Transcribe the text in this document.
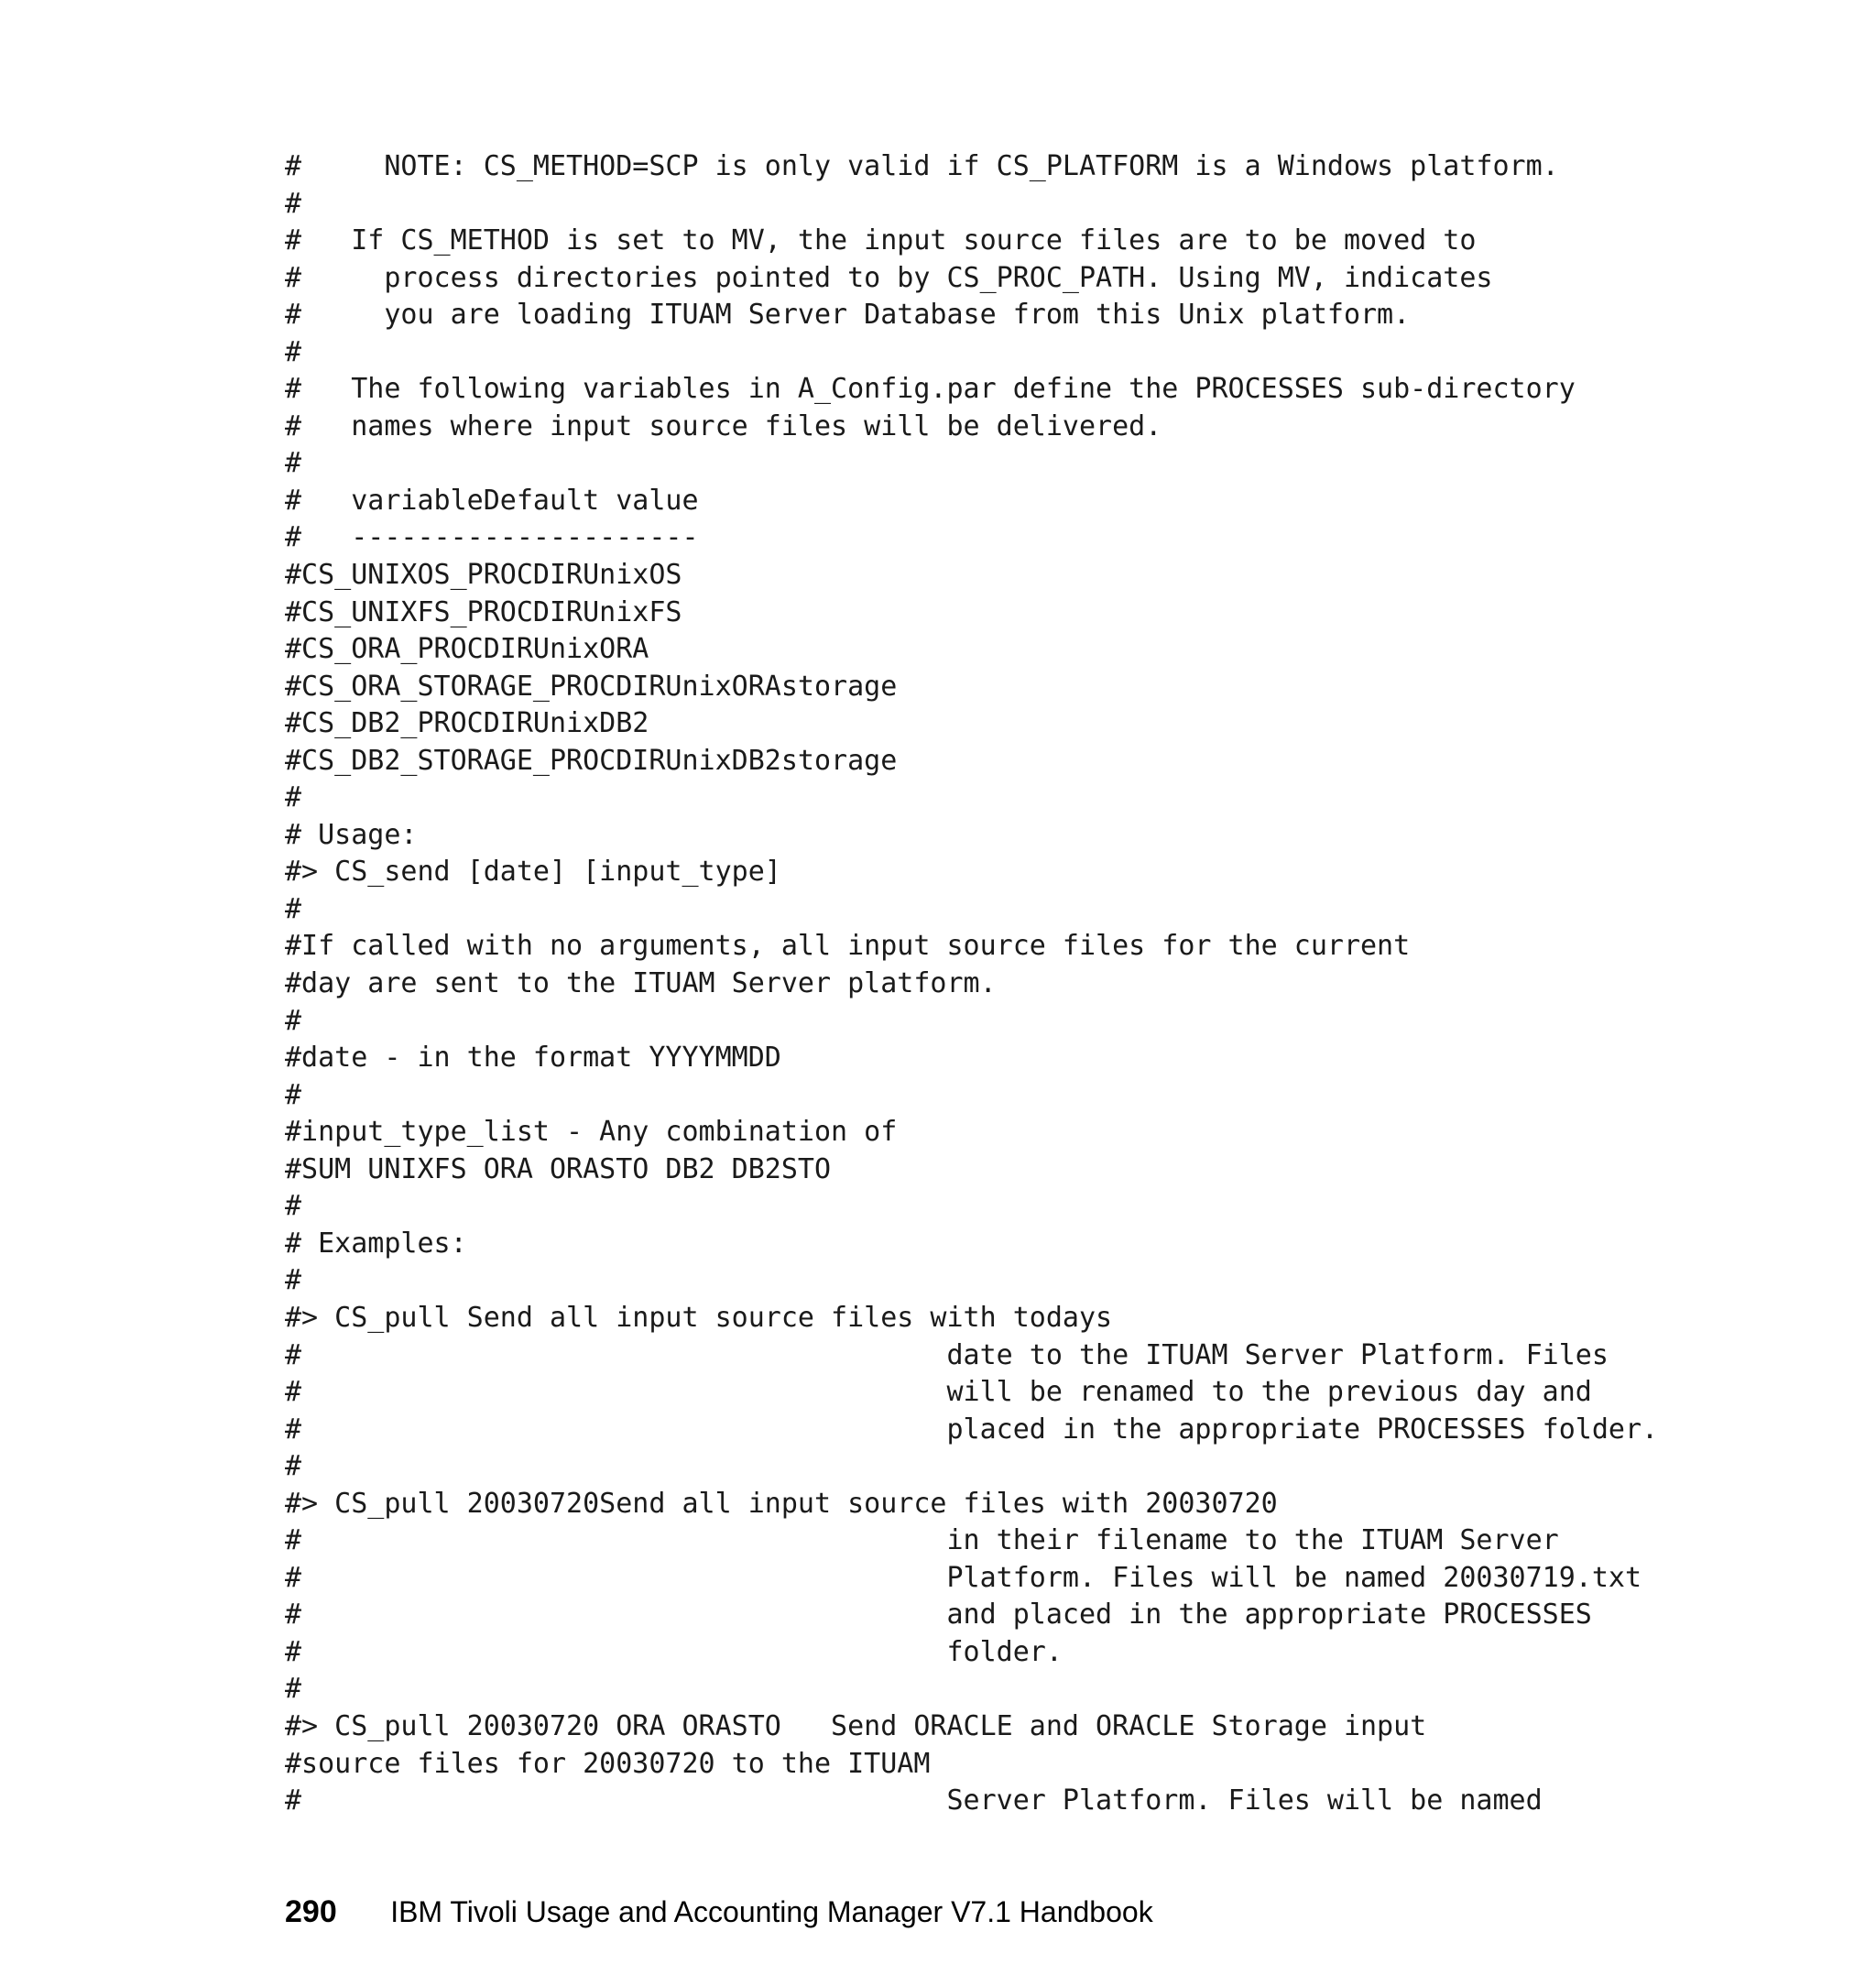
#     NOTE: CS_METHOD=SCP is only valid if CS_PLATFORM is a Windows platform.
#
#   If CS_METHOD is set to MV, the input source files are to be moved to
#     process directories pointed to by CS_PROC_PATH. Using MV, indicates
#     you are loading ITUAM Server Database from this Unix platform.
#
#   The following variables in A_Config.par define the PROCESSES sub-directory
#   names where input source files will be delivered.
#
#   variableDefault value
#   ---------------------
#CS_UNIXOS_PROCDIRUnixOS
#CS_UNIXFS_PROCDIRUnixFS
#CS_ORA_PROCDIRUnixORA
#CS_ORA_STORAGE_PROCDIRUnixORAstorage
#CS_DB2_PROCDIRUnixDB2
#CS_DB2_STORAGE_PROCDIRUnixDB2storage
#
# Usage:
#> CS_send [date] [input_type]
#
#If called with no arguments, all input source files for the current
#day are sent to the ITUAM Server platform.
#
#date - in the format YYYYMMDD
#
#input_type_list - Any combination of
#SUM UNIXFS ORA ORASTO DB2 DB2STO
#
# Examples:
#
#> CS_pull Send all input source files with todays
#                                       date to the ITUAM Server Platform. Files
#                                       will be renamed to the previous day and
#                                       placed in the appropriate PROCESSES folder.
#
#> CS_pull 20030720Send all input source files with 20030720
#                                       in their filename to the ITUAM Server
#                                       Platform. Files will be named 20030719.txt
#                                       and placed in the appropriate PROCESSES
#                                       folder.
#
#> CS_pull 20030720 ORA ORASTO   Send ORACLE and ORACLE Storage input
#source files for 20030720 to the ITUAM
#                                       Server Platform. Files will be named
290 IBM Tivoli Usage and Accounting Manager V7.1 Handbook
